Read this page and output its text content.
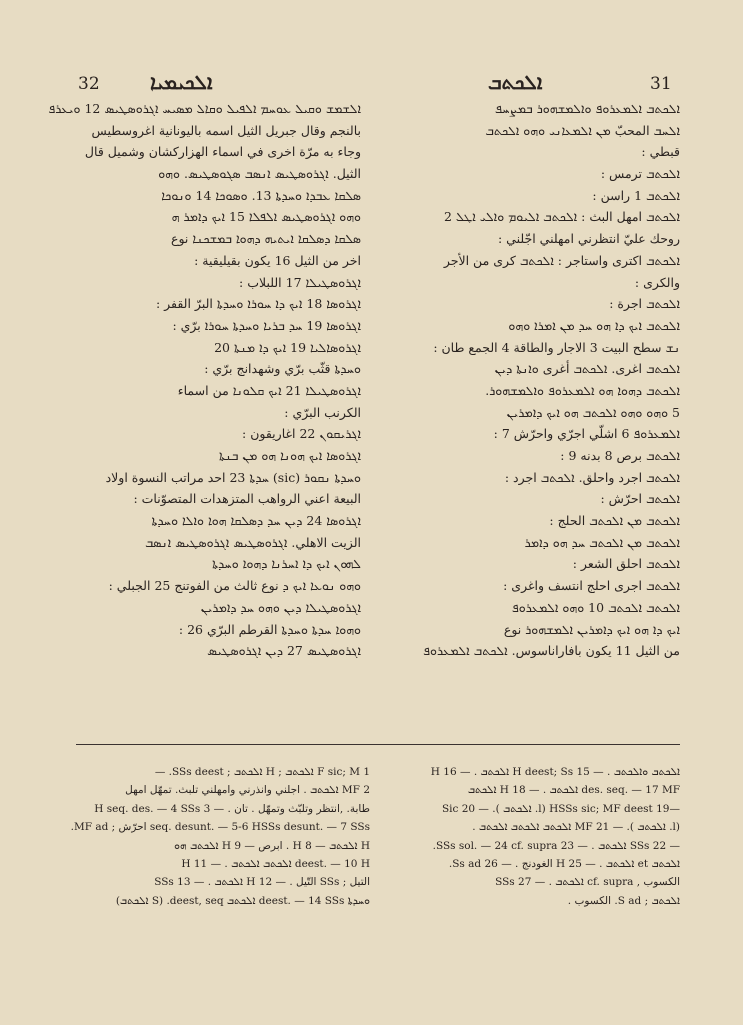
32	ܐܠܟܝܡܝܐ	ܐܠܟܬܒ	31
ܐܠܫܡܫ ܘܩܝܠ ܥܘܚܡ ܐܠܦܝܠ ܘܩܐܠ ܡܣܝܚ ܐܓܪܘܣܛܝܣ 12 ܘܝܥܪܦ
بالنجم وقال جبريل الثيل اسمه باليونانية اغروسطيس
وجاء به مرّة اخرى في اسماء الهزاركشان وشميل قال
الثيل. ܐܓܪܘܣܛܝܣ ܐܢܣܒ ܣܓܘܣܛܝܣ. ܘܗܘ
ܣܠܩܐ ܥܒܕܐ ܘܚܕܬܐ 13. ܘܣܘܟܐ 14 ܘܢܘܟܐ
ܘܗܘ ܐܓܪܘܣܛܝܣ ܐܠܦܠܐ 15 ܐܝܟ ܕܐܡܪ ܗ
ܣܠܩܐ ܕܣܠܩܐ ܐܝܬܝܗ ܕܗܘܐ ܒܡܫܟܢܐ نوع
اخر من الثيل 16 يكون بقيليقية :
ܐܓܪܘܣܛܝܠܐ 17 اللبلاب :
ܐܓܪܘܣܐ 18 ܐܝܟ ܕܐ ܚܘܪܐ ܘܚܕܬܐ البرّ القفر :
ܐܓܪܘܣܐ 19 ܚܕ ܒܪܝܐ ܘܚܕܬܐ ܚܘܪܐ برّي :
ܐܓܪܘܣܐܠܝܐ 19 ܐܝܟ ܕܐ ܡܢܬܐ 20
ܘܚܕܬܐ قثّب برّي وشهدانج برّي :
ܐܓܪܘܣܛܝܠܐ 21 ܐܝܟ ܩܠܘܢܐ من اسماء
الكرنب البرّي :
ܐܓܪܝܩܘܢ 22 اغاريقون :
ܐܓܪܘܣܐ ܐܝܟ ܗܘܢܐ ܗܘ ܡܢ ܒܢܬܐ
ܘܚܕܬܐ ܢܩܘܪ (sic) ܚܕܬܐ 23 احد مراتب النسوة اولاد
البيعة اعني الرواهب المتزهدات المتصوّنات :
ܐܓܪܘܣܐ 24 ܕܝܢ ܚܕ ܕܣܠܩܐ ܗܘܐ ܘܐܠܐ ܘܚܕܬܐ
الزيت الاهلي. ܐܓܪܘܣܛܝܣ ܐܓܪܘܣܛܝܣ ܐܢܣܒ
ܠܗܘܢ ܐܝܟ ܕܐ ܐܚܪܢܐ ܕܗܘܐ ܘܚܕܬܐ
ܘܗܘ ܢܘܥܐ ܐܝܟ ܕ نوع ثالث من الفوتنج 25 الجبلي :
ܐܓܪܘܣܛܝܠܐ ܕܝܢ ܘܗܘ ܚܕ ܕܐܡܪܝܢ
ܘܗܘܐ ܚܕܬܐ ܘܚܕܬܐ القرطم البرّي 26 :
ܐܓܪܘܣܛܝܣ 27 ܕܝܢ ܐܓܪܘܣܛܝܣ
ܐܠܟܬܒ ܐܠܡܥܪܘܦ ܘܐܠܡܫܗܘܪ ܒܡܨܚܦ
ܐܠܚܒ المحبّ ܡܢ ܐܠܡܥܐܢܝ ܘܗܘ ܐܠܟܬܒ
قبطي :
ܐܠܟܬܒ ترمس :
ܐܠܟܬܒ 1 راسن :
ܐܠܟܬܒ امهل البث : ܐܠܟܬܒ ܐܠܝܘܡ ܘܐܠܝ ܐܛܠ 2
روحك عليّ انتظرني امهلني اجّلني :
ܐܠܟܬܒ اكترى واستاجر : ܐܠܟܬܒ كرى من الأجر
والكرى :
ܐܠܟܬܒ اجرة :
ܐܠܟܬܒ ܐܝܟ ܕܐ ܗܘ ܚܕ ܡܢ ܐܡܪܐ ܘܗܘ
ܢܫ سطح البيت 3 الاجار والطاقة 4 الجمع طان :
ܐܠܟܬܒ اغرى. ܐܠܟܬܒ أغرى ܘܐܢܬܐ ܕܝܢ
ܐܠܟܬܒ ܕܗܘܐ ܗܘ ܐܠܡܥܪܘܦ ܘܐܠܡܫܗܘܪ.
5 ܘܗܘ ܘܗܘ ܐܠܟܬܒ ܗܘ ܐܝܟ ܕܐܡܪܝܢ
ܐܠܡܥܪܘܦ 6 اشلّي اجرّي واحرّش 7 :
ܐܠܟܬܒ برص 8 بدنه 9 :
ܐܠܟܬܒ اجرد واحلق. ܐܠܟܬܒ اجرد :
ܐܠܟܬܒ احرّش :
ܐܠܟܬܒ ܡܢ ܐܠܟܬܒ الحلج :
ܐܠܟܬܒ ܡܢ ܐܠܟܬܒ ܚܕ ܗܘ ܕܐܡܪ
ܐܠܟܬܒ احلق الشعر :
ܐܠܟܬܒ اجرى احلج انتسف واغرى :
ܐܠܟܬܒ ܐܠܟܬܒ 10 ܘܗܘ ܐܠܡܥܪܘܦ
ܐܝܟ ܕܐ ܗܘ ܐܝܟ ܕܐܡܪܝܢ ܐܠܡܫܗܘܪ نوع
من الثيل 11 يكون بافاراناسوس. ܐܠܟܬܒ ܐܠܡܥܪܘܦ
1 F sic; M ܐܠܟܬܒ ; H ܐܠܟܬܒ ; SSs deest. —
2 MF ܐܠܟܬܒ . اجلني وانذرني وامهلني تلبث. تمهّل امهل
طابة. ,انتظر وتلبّث وتمهّل . تان . — 3 H seq. des. — 4 SSs
seq. desunt. — 5-6 HSSs desunt. — 7 SSs احرّش ; MF ad.
H ܐܠܟܬܒ — 8 H . ابرص — 9 H ܐܠܟܬܒ ܗܘ
deest. — 10 H ܐܠܟܬܒ ܐܠܟܬܒ . — 11 H
التيل ; SSs التّيل . — 12 H ܐܠܟܬܒ . — 13 SSs
ܘܚܕܬܐ deest. — 14 SSs ܐܠܟܬܒ deest, seq. (S ܐܠܟܬܒ)
ܐܠܟܬܒ ܘܐܠܟܬܒ . — 15 H deest; Ss ܐܠܟܬܒ . — 16 H
des. seq. — 17 MF ܐܠܟܬܒ . — 18 H ܐܠܟܬܒ
—19 HSSs sic; MF deest (l. ܐܠܟܬܒ ). — 20 Sic
(l. ܐܠܟܬܒ ). — 21 MF ܐܠܟܬܒ ܐܠܟܬܒ ܐܠܟܬܒ .
— 22 SSs ܐܠܟܬܒ . — 23 SSs sol. — 24 cf. supra.
ܐܠܟܬܒ et ܐܠܟܬܒ . — 25 H الغودنج . — 26 Ss ad.
الكسوب , cf. supra ܐܠܟܬܒ . — 27 SSs
ܐܠܟܬܒ ; S ad. الكسوب .
